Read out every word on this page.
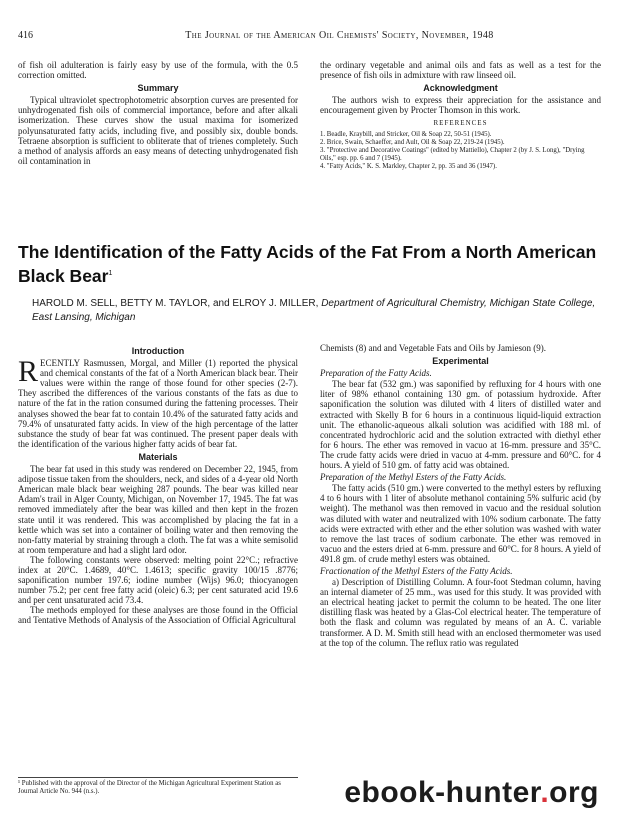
416	The Journal of the American Oil Chemists' Society, November, 1948

of fish oil adulteration is fairly easy by use of the formula, with the 0.5 correction omitted.

Summary

Typical ultraviolet spectrophotometric absorption curves are presented for unhydrogenated fish oils of commercial importance, before and after alkali isomerization. These curves show the usual maxima for isomerized polyunsaturated fatty acids, including five, and possibly six, double bonds. Tetraene absorption is sufficient to obliterate that of trienes completely. Such a method of analysis affords an easy means of detecting unhydrogenated fish oil contamination in

the ordinary vegetable and animal oils and fats as well as a test for the presence of fish oils in admixture with raw linseed oil.

Acknowledgment

The authors wish to express their appreciation for the assistance and encouragement given by Procter Thomson in this work.

REFERENCES

1. Beadle, Kraybill, and Stricker, Oil & Soap 22, 50-51 (1945).

2. Brice, Swain, Schaeffer, and Ault, Oil & Soap 22, 219-24 (1945).

3. "Protective and Decorative Coatings" (edited by Mattiello), Chapter 2 (by J. S. Long), "Drying Oils," esp. pp. 6 and 7 (1945).

4. "Fatty Acids," K. S. Markley, Chapter 2, pp. 35 and 36 (1947).

The Identification of the Fatty Acids of the Fat From a North American Black Bear$^1$
HAROLD M. SELL, BETTY M. TAYLOR, and ELROY J. MILLER, Department of Agricultural Chemistry, Michigan State College, East Lansing, Michigan
Introduction

RECENTLY Rasmussen, Morgal, and Miller (1) reported the physical and chemical constants of the fat of a North American black bear. Their values were within the range of those found for other species (2-7). They ascribed the differences of the various constants of the fats as due to nature of the fat in the ration consumed during the fattening processes. Their analyses showed the bear fat to contain 10.4% of the saturated fatty acids and 79.4% of unsaturated fatty acids. In view of the high percentage of the latter substance the study of bear fat was continued. The present paper deals with the identification of the various higher fatty acids of bear fat.

Materials

The bear fat used in this study was rendered on December 22, 1945, from adipose tissue taken from the shoulders, neck, and sides of a 4-year old North American male black bear weighing 287 pounds. The bear was killed near Adam's trail in Alger County, Michigan, on November 17, 1945. The fat was removed immediately after the bear was killed and then kept in the frozen state until it was rendered. This was accomplished by placing the fat in a kettle which was set into a container of boiling water and then removing the non-fatty material by straining through a cloth. The fat was a white semisolid at room temperature and had a slight lard odor.

The following constants were observed: melting point 22°C.; refractive index at 20°C. 1.4689, 40°C. 1.4613; specific gravity 100/15 .8776; saponification number 197.6; iodine number (Wijs) 96.0; thiocyanogen number 75.2; per cent free fatty acid (oleic) 6.3; per cent saturated acid 19.6 and per cent unsaturated acid 73.4.

The methods employed for these analyses are those found in the Official and Tentative Methods of Analysis of the Association of Official Agricultural

¹ Published with the approval of the Director of the Michigan Agricultural Experiment Station as Journal Article No. 944 (n.s.).

Chemists (8) and and Vegetable Fats and Oils by Jamieson (9).

Experimental
Preparation of the Fatty Acids.

The bear fat (532 gm.) was saponified by refluxing for 4 hours with one liter of 98% ethanol containing 130 gm. of potassium hydroxide. After saponification the solution was diluted with 4 liters of distilled water and extracted with Skelly B for 6 hours in a continuous liquid-liquid extraction unit. The ethanolic-aqueous alkali solution was acidified with 188 ml. of concentrated hydrochloric acid and the solution extracted with diethyl ether for 6 hours. The ether was removed in vacuo at 16-mm. pressure and 35°C. The crude fatty acids were dried in vacuo at 4-mm. pressure and 60°C. for 4 hours. A yield of 510 gm. of fatty acid was obtained.

Preparation of the Methyl Esters of the Fatty Acids.

The fatty acids (510 gm.) were converted to the methyl esters by refluxing 4 to 6 hours with 1 liter of absolute methanol containing 5% sulfuric acid (by weight). The methanol was then removed in vacuo and the residual solution was diluted with water and neutralized with 10% sodium carbonate. The fatty acids were extracted with ether and the ether solution was washed with water to remove the last traces of sodium carbonate. The ether was removed in vacuo and the esters dried at 6-mm. pressure and 60°C. for 8 hours. A yield of 491.8 gm. of crude methyl esters was obtained.

Fractionation of the Methyl Esters of the Fatty Acids.

a) Description of Distilling Column. A four-foot Stedman column, having an internal diameter of 25 mm., was used for this study. It was provided with an electrical heating jacket to permit the column to be heated. The one liter distilling flask was heated by a Glas-Col electrical heater. The temperature of both the flask and column was regulated by means of an A. C. variable transformer. A D. M. Smith still head with an enclosed thermometer was used at the top of the column. The reflux ratio was regulated

ebook-hunter.org
